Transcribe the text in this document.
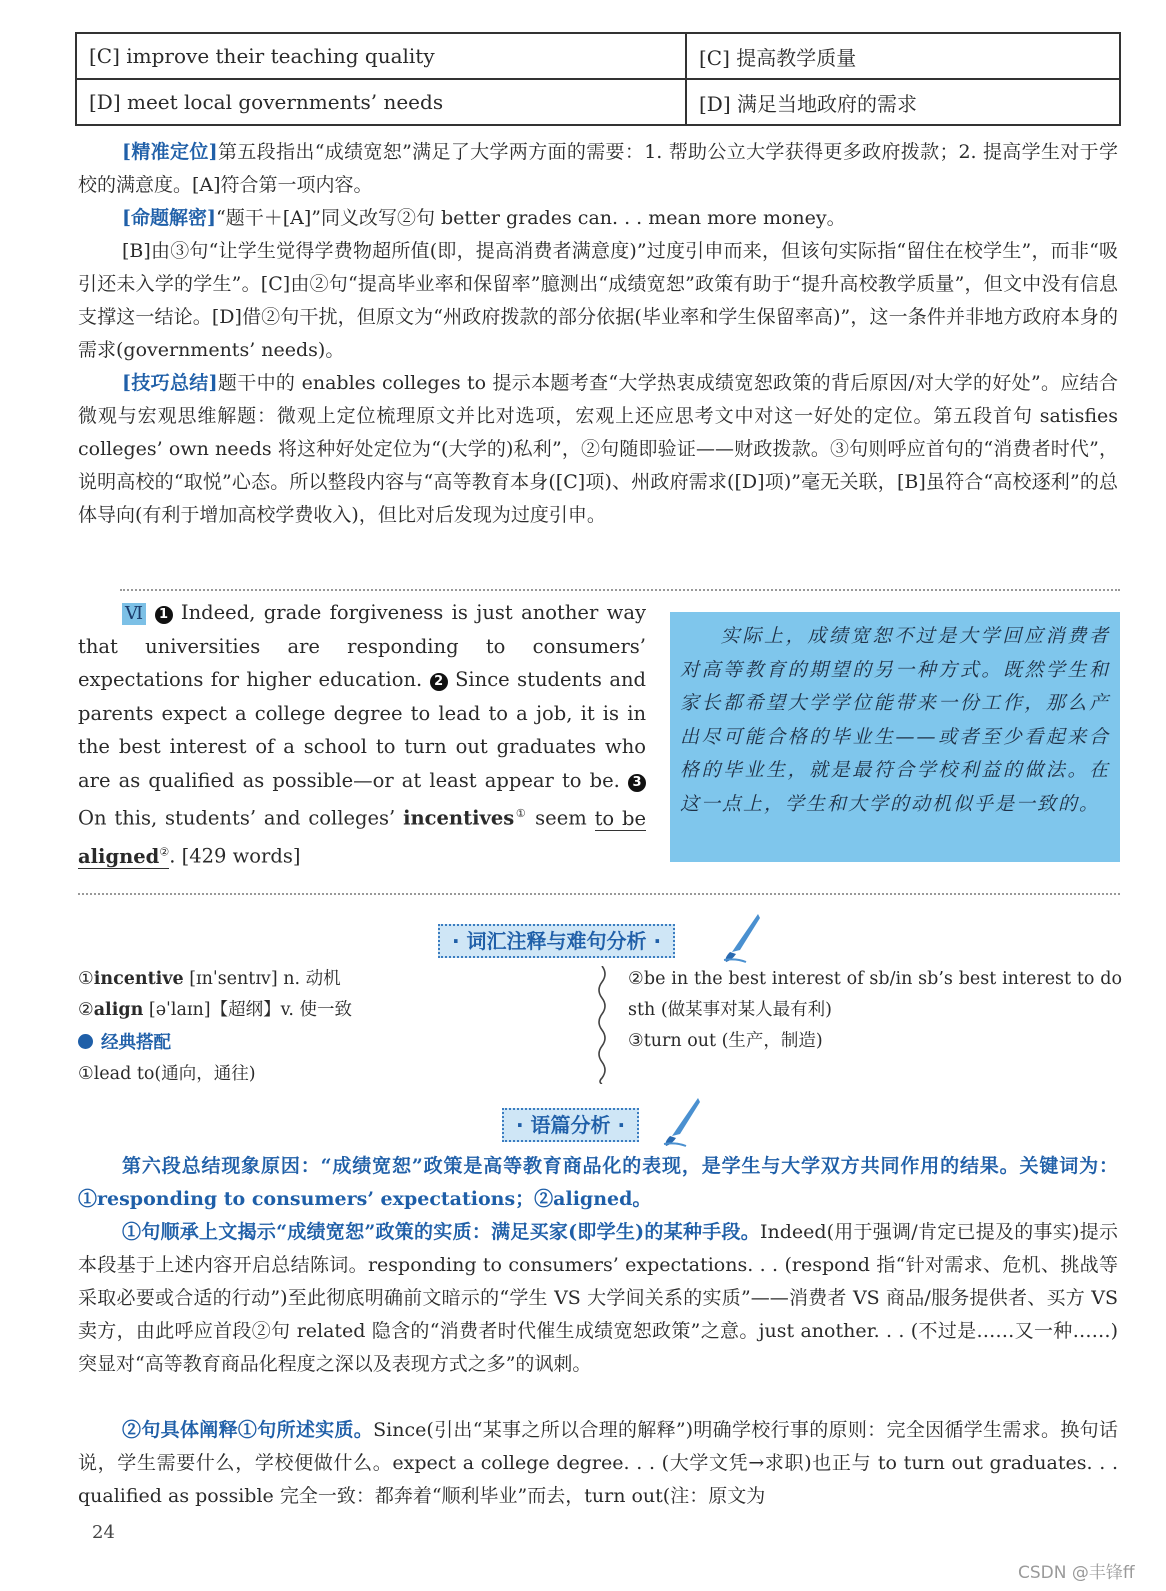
[C] improve their teaching quality	[C] 提高教学质量
[D] meet local governments’ needs	[D] 满足当地政府的需求
[精准定位]第五段指出“成绩宽恕”满足了大学两方面的需要：1. 帮助公立大学获得更多政府拨款；2. 提高学生对于学校的满意度。[A]符合第一项内容。
[命题解密]“题干＋[A]”同义改写②句 better grades can. . . mean more money。
[B]由③句“让学生觉得学费物超所值(即，提高消费者满意度)”过度引申而来，但该句实际指“留住在校学生”，而非“吸引还未入学的学生”。[C]由②句“提高毕业率和保留率”臆测出“成绩宽恕”政策有助于“提升高校教学质量”，但文中没有信息支撑这一结论。[D]借②句干扰，但原文为“州政府拨款的部分依据(毕业率和学生保留率高)”，这一条件并非地方政府本身的需求(governments’ needs)。
[技巧总结]题干中的 enables colleges to 提示本题考查“大学热衷成绩宽恕政策的背后原因/对大学的好处”。应结合微观与宏观思维解题：微观上定位梳理原文并比对选项，宏观上还应思考文中对这一好处的定位。第五段首句 satisfies colleges’ own needs 将这种好处定位为“(大学的)私利”，②句随即验证——财政拨款。③句则呼应首句的“消费者时代”，说明高校的“取悦”心态。所以整段内容与“高等教育本身([C]项)、州政府需求([D]项)”毫无关联，[B]虽符合“高校逐利”的总体导向(有利于增加高校学费收入)，但比对后发现为过度引申。
Ⅵ 1 Indeed, grade forgiveness is just another way that universities are responding to consumers’ expectations for higher education. 2 Since students and parents expect a college degree to lead to a job, it is in the best interest of a school to turn out graduates who are as qualified as possible—or at least appear to be. 3On this, students’ and colleges’ incentives① seem to be aligned②. [429 words]
实际上，成绩宽恕不过是大学回应消费者对高等教育的期望的另一种方式。既然学生和家长都希望大学学位能带来一份工作，那么产出尽可能合格的毕业生——或者至少看起来合格的毕业生，就是最符合学校利益的做法。在这一点上，学生和大学的动机似乎是一致的。
· 词汇注释与难句分析 ·
①incentive [ɪnˈsentɪv] n. 动机
②align [əˈlaɪn]【超纲】v. 使一致
经典搭配
①lead to(通向，通往)
②be in the best interest of sb/in sb’s best interest to do sth (做某事对某人最有利)
③turn out (生产，制造)
· 语篇分析 ·
第六段总结现象原因：“成绩宽恕”政策是高等教育商品化的表现，是学生与大学双方共同作用的结果。关键词为：①responding to consumers’ expectations；②aligned。
①句顺承上文揭示“成绩宽恕”政策的实质：满足买家(即学生)的某种手段。Indeed(用于强调/肯定已提及的事实)提示本段基于上述内容开启总结陈词。responding to consumers’ expectations. . . (respond 指“针对需求、危机、挑战等采取必要或合适的行动”)至此彻底明确前文暗示的“学生 VS 大学间关系的实质”——消费者 VS 商品/服务提供者、买方 VS 卖方，由此呼应首段②句 related 隐含的“消费者时代催生成绩宽恕政策”之意。just another. . . (不过是……又一种……)突显对“高等教育商品化程度之深以及表现方式之多”的讽刺。
②句具体阐释①句所述实质。Since(引出“某事之所以合理的解释”)明确学校行事的原则：完全因循学生需求。换句话说，学生需要什么，学校便做什么。expect a college degree. . . (大学文凭→求职)也正与 to turn out graduates. . . qualified as possible 完全一致：都奔着“顺利毕业”而去，turn out(注：原文为
24
CSDN @丰锋ff
